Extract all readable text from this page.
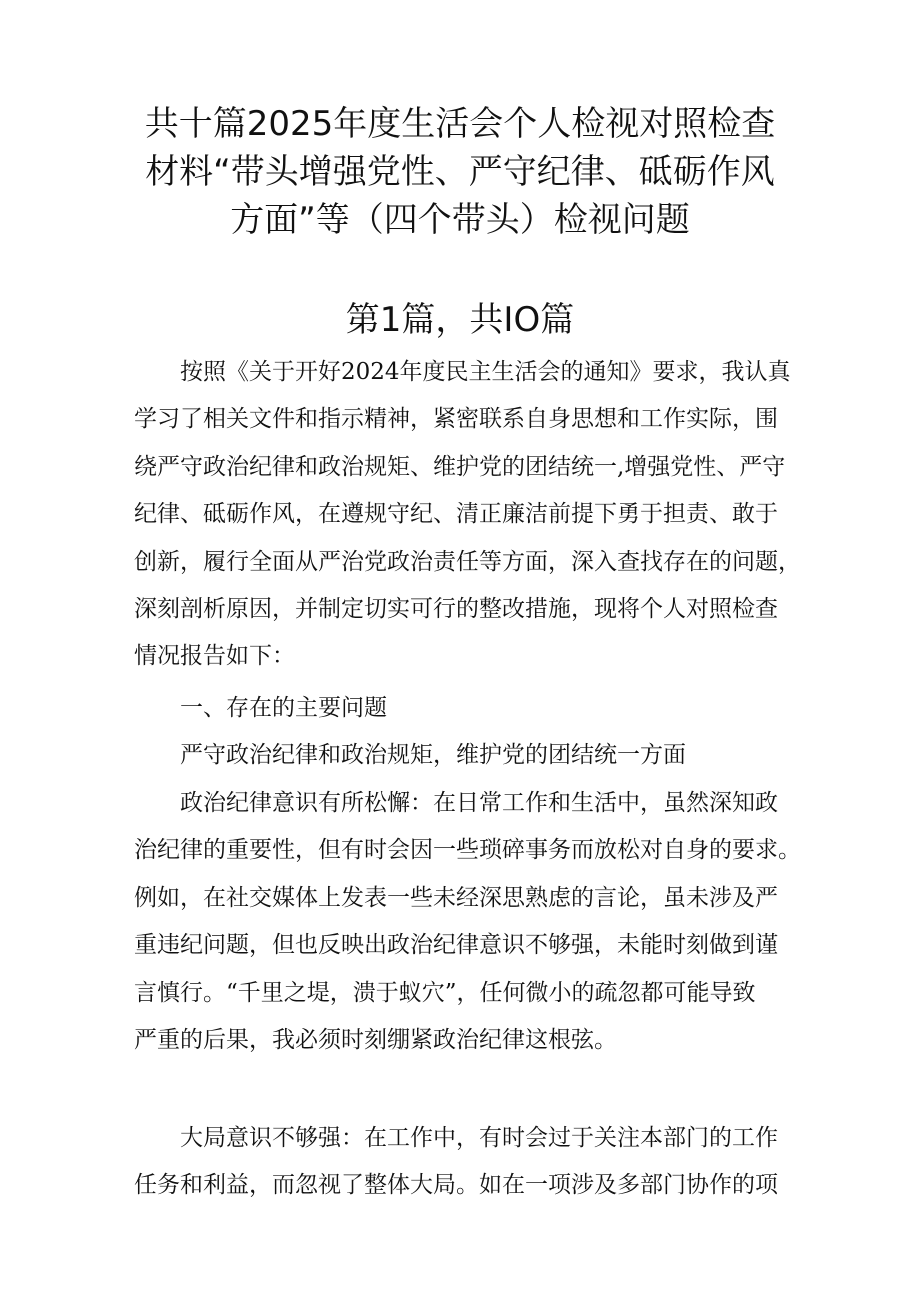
共十篇2025年度生活会个人检视对照检查
材料“带头增强党性、严守纪律、砥砺作风
方面”等（四个带头）检视问题
第1篇，共IO篇
　　按照《关于开好2024年度民主生活会的通知》要求，我认真
学习了相关文件和指示精神，紧密联系自身思想和工作实际，围
绕严守政治纪律和政治规矩、维护党的团结统一,增强党性、严守
纪律、砥砺作风，在遵规守纪、清正廉洁前提下勇于担责、敢于
创新，履行全面从严治党政治责任等方面，深入查找存在的问题，
深刻剖析原因，并制定切实可行的整改措施，现将个人对照检查
情况报告如下：
一、存在的主要问题
严守政治纪律和政治规矩，维护党的团结统一方面
　　政治纪律意识有所松懈：在日常工作和生活中，虽然深知政
治纪律的重要性，但有时会因一些琐碎事务而放松对自身的要求。
例如，在社交媒体上发表一些未经深思熟虑的言论，虽未涉及严
重违纪问题，但也反映出政治纪律意识不够强，未能时刻做到谨
言慎行。“千里之堤，溃于蚁穴”，任何微小的疏忽都可能导致
严重的后果，我必须时刻绷紧政治纪律这根弦。
　　大局意识不够强：在工作中，有时会过于关注本部门的工作
任务和利益，而忽视了整体大局。如在一项涉及多部门协作的项
